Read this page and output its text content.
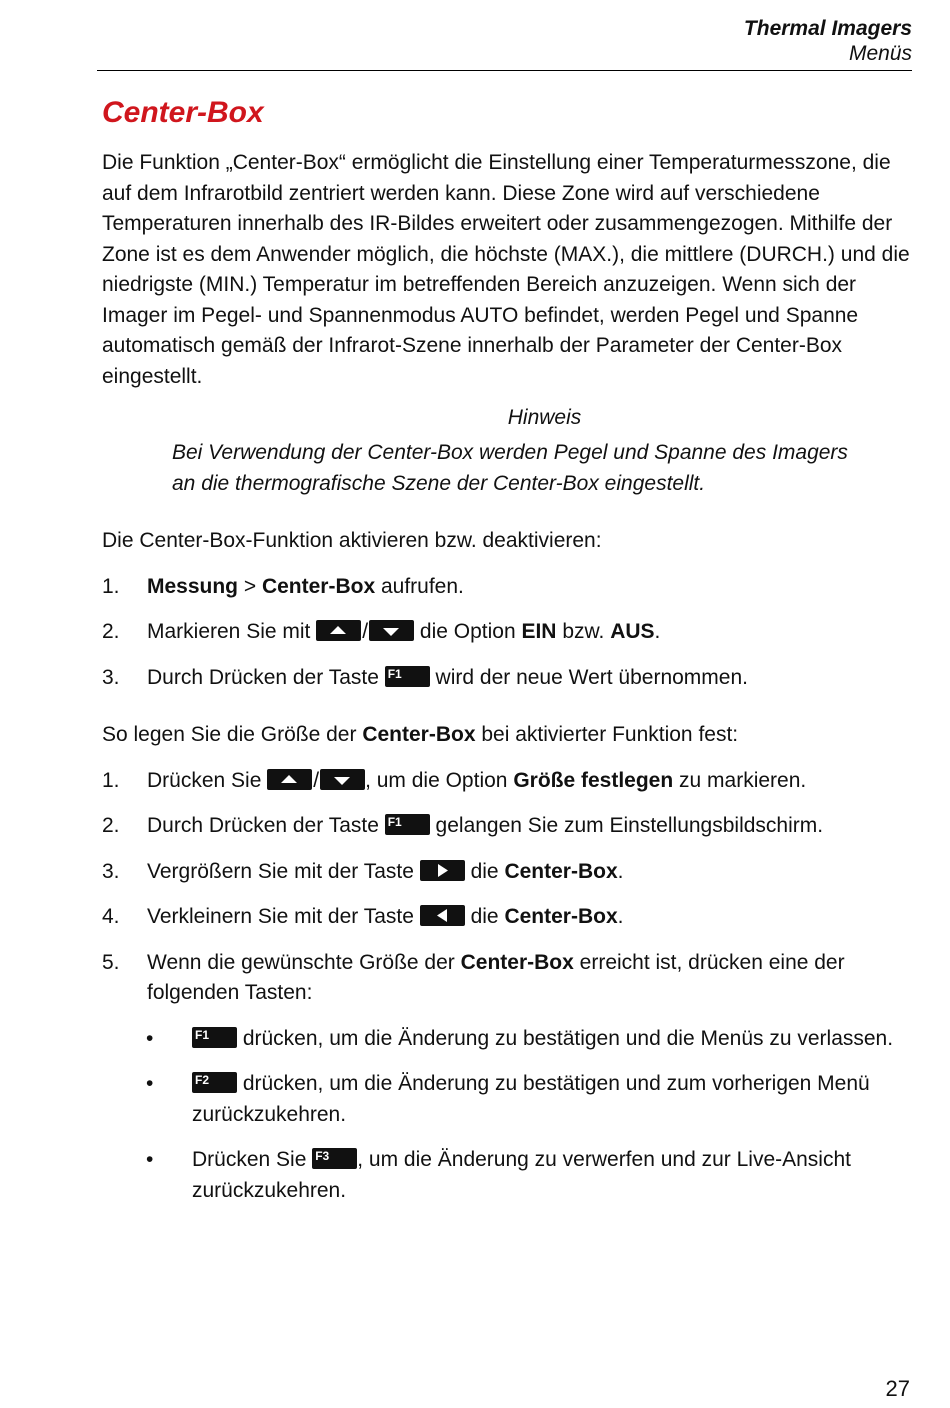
Thermal Imagers
Menüs
Center-Box

Die Funktion „Center-Box“ ermöglicht die Einstellung einer Temperaturmesszone, die auf dem Infrarotbild zentriert werden kann. Diese Zone wird auf verschiedene Temperaturen innerhalb des IR-Bildes erweitert oder zusammengezogen. Mithilfe der Zone ist es dem Anwender möglich, die höchste (MAX.), die mittlere (DURCH.) und die niedrigste (MIN.) Temperatur im betreffenden Bereich anzuzeigen. Wenn sich der Imager im Pegel- und Spannenmodus AUTO befindet, werden Pegel und Spanne automatisch gemäß der Infrarot-Szene innerhalb der Parameter der Center-Box eingestellt.

Hinweis
Bei Verwendung der Center-Box werden Pegel und Spanne des Imagers an die thermografische Szene der Center-Box eingestellt.

Die Center-Box-Funktion aktivieren bzw. deaktivieren:

1. Messung > Center-Box aufrufen.
2. Markieren Sie mit
/
die Option EIN bzw. AUS.
3. Durch Drücken der Taste F1 wird der neue Wert übernommen.

So legen Sie die Größe der Center-Box bei aktivierter Funktion fest:

1. Drücken Sie
/ , um die Option Größe festlegen zu markieren.
2. Durch Drücken der Taste F1 gelangen Sie zum Einstellungsbildschirm.
3. Vergrößern Sie mit der Taste
die Center-Box.
4. Verkleinern Sie mit der Taste
die Center-Box.
5. Wenn die gewünschte Größe der Center-Box erreicht ist, drücken eine der folgenden Tasten:
•	F1 drücken, um die Änderung zu bestätigen und die Menüs zu verlassen.
•	F2 drücken, um die Änderung zu bestätigen und zum vorherigen Menü zurückzukehren.
• Drücken Sie F3 , um die Änderung zu verwerfen und zur Live-Ansicht zurückzukehren.
27
